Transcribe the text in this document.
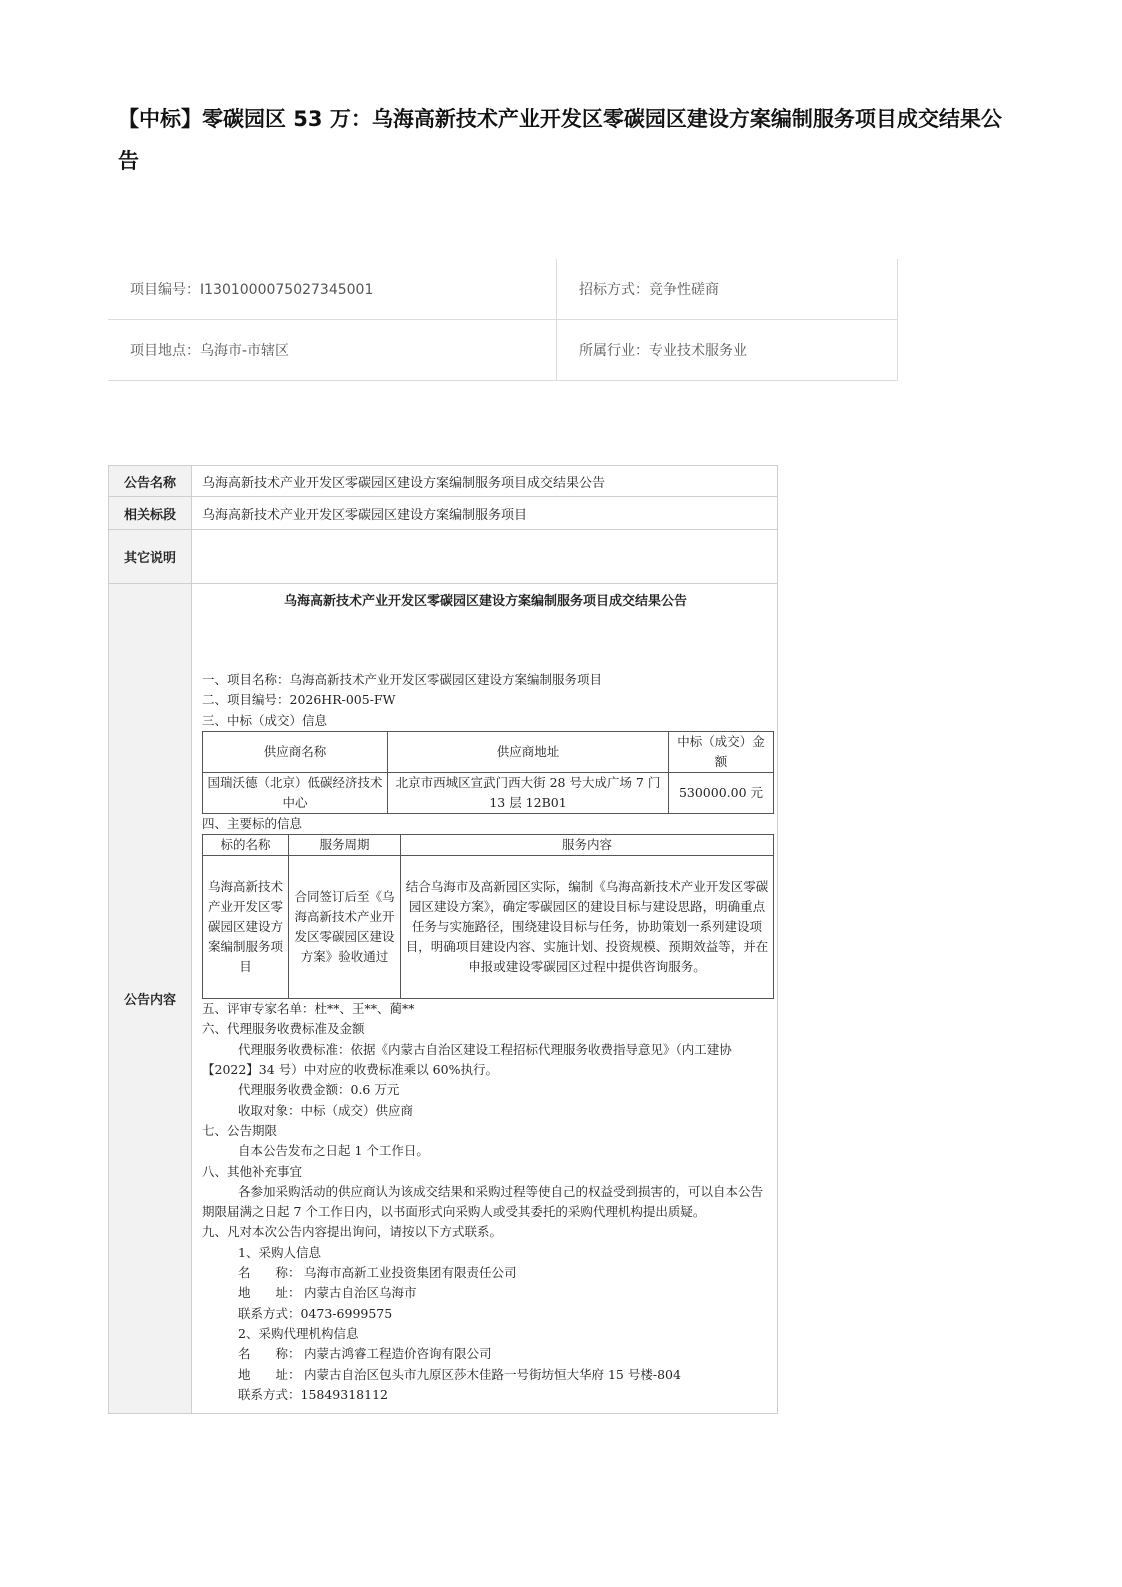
【中标】零碳园区 53 万：乌海高新技术产业开发区零碳园区建设方案编制服务项目成交结果公告
项目编号：I1301000075027345001	招标方式：竞争性磋商
项目地点：乌海市-市辖区	所属行业：专业技术服务业
公告名称	乌海高新技术产业开发区零碳园区建设方案编制服务项目成交结果公告
相关标段	乌海高新技术产业开发区零碳园区建设方案编制服务项目
其它说明	
公告内容	

乌海高新技术产业开发区零碳园区建设方案编制服务项目成交结果公告

一、项目名称：乌海高新技术产业开发区零碳园区建设方案编制服务项目

二、项目编号：2026HR-005-FW

三、中标（成交）信息

供应商名称	供应商地址	中标（成交）金额
国瑞沃德（北京）低碳经济技术中心	北京市西城区宣武门西大街 28 号大成广场 7 门 13 层 12B01	530000.00 元

四、主要标的信息

标的名称	服务周期	服务内容
乌海高新技术产业开发区零碳园区建设方案编制服务项目	合同签订后至《乌海高新技术产业开发区零碳园区建设方案》验收通过	结合乌海市及高新园区实际，编制《乌海高新技术产业开发区零碳园区建设方案》，确定零碳园区的建设目标与建设思路，明确重点任务与实施路径，围绕建设目标与任务，协助策划一系列建设项目，明确项目建设内容、实施计划、投资规模、预期效益等，并在申报或建设零碳园区过程中提供咨询服务。

五、评审专家名单：杜**、王**、蔺**

六、代理服务收费标准及金额

代理服务收费标准：依据《内蒙古自治区建设工程招标代理服务收费指导意见》（内工建协【2022】34 号）中对应的收费标准乘以 60%执行。

代理服务收费金额：0.6 万元

收取对象：中标（成交）供应商

七、公告期限

自本公告发布之日起 1 个工作日。

八、其他补充事宜

各参加采购活动的供应商认为该成交结果和采购过程等使自己的权益受到损害的，可以自本公告期限届满之日起 7 个工作日内，以书面形式向采购人或受其委托的采购代理机构提出质疑。

九、凡对本次公告内容提出询问，请按以下方式联系。

1、采购人信息

名　　称： 乌海市高新工业投资集团有限责任公司

地　　址： 内蒙古自治区乌海市

联系方式：0473-6999575

2、采购代理机构信息

名　　称： 内蒙古鸿睿工程造价咨询有限公司

地　　址： 内蒙古自治区包头市九原区莎木佳路一号街坊恒大华府 15 号楼-804

联系方式：15849318112
